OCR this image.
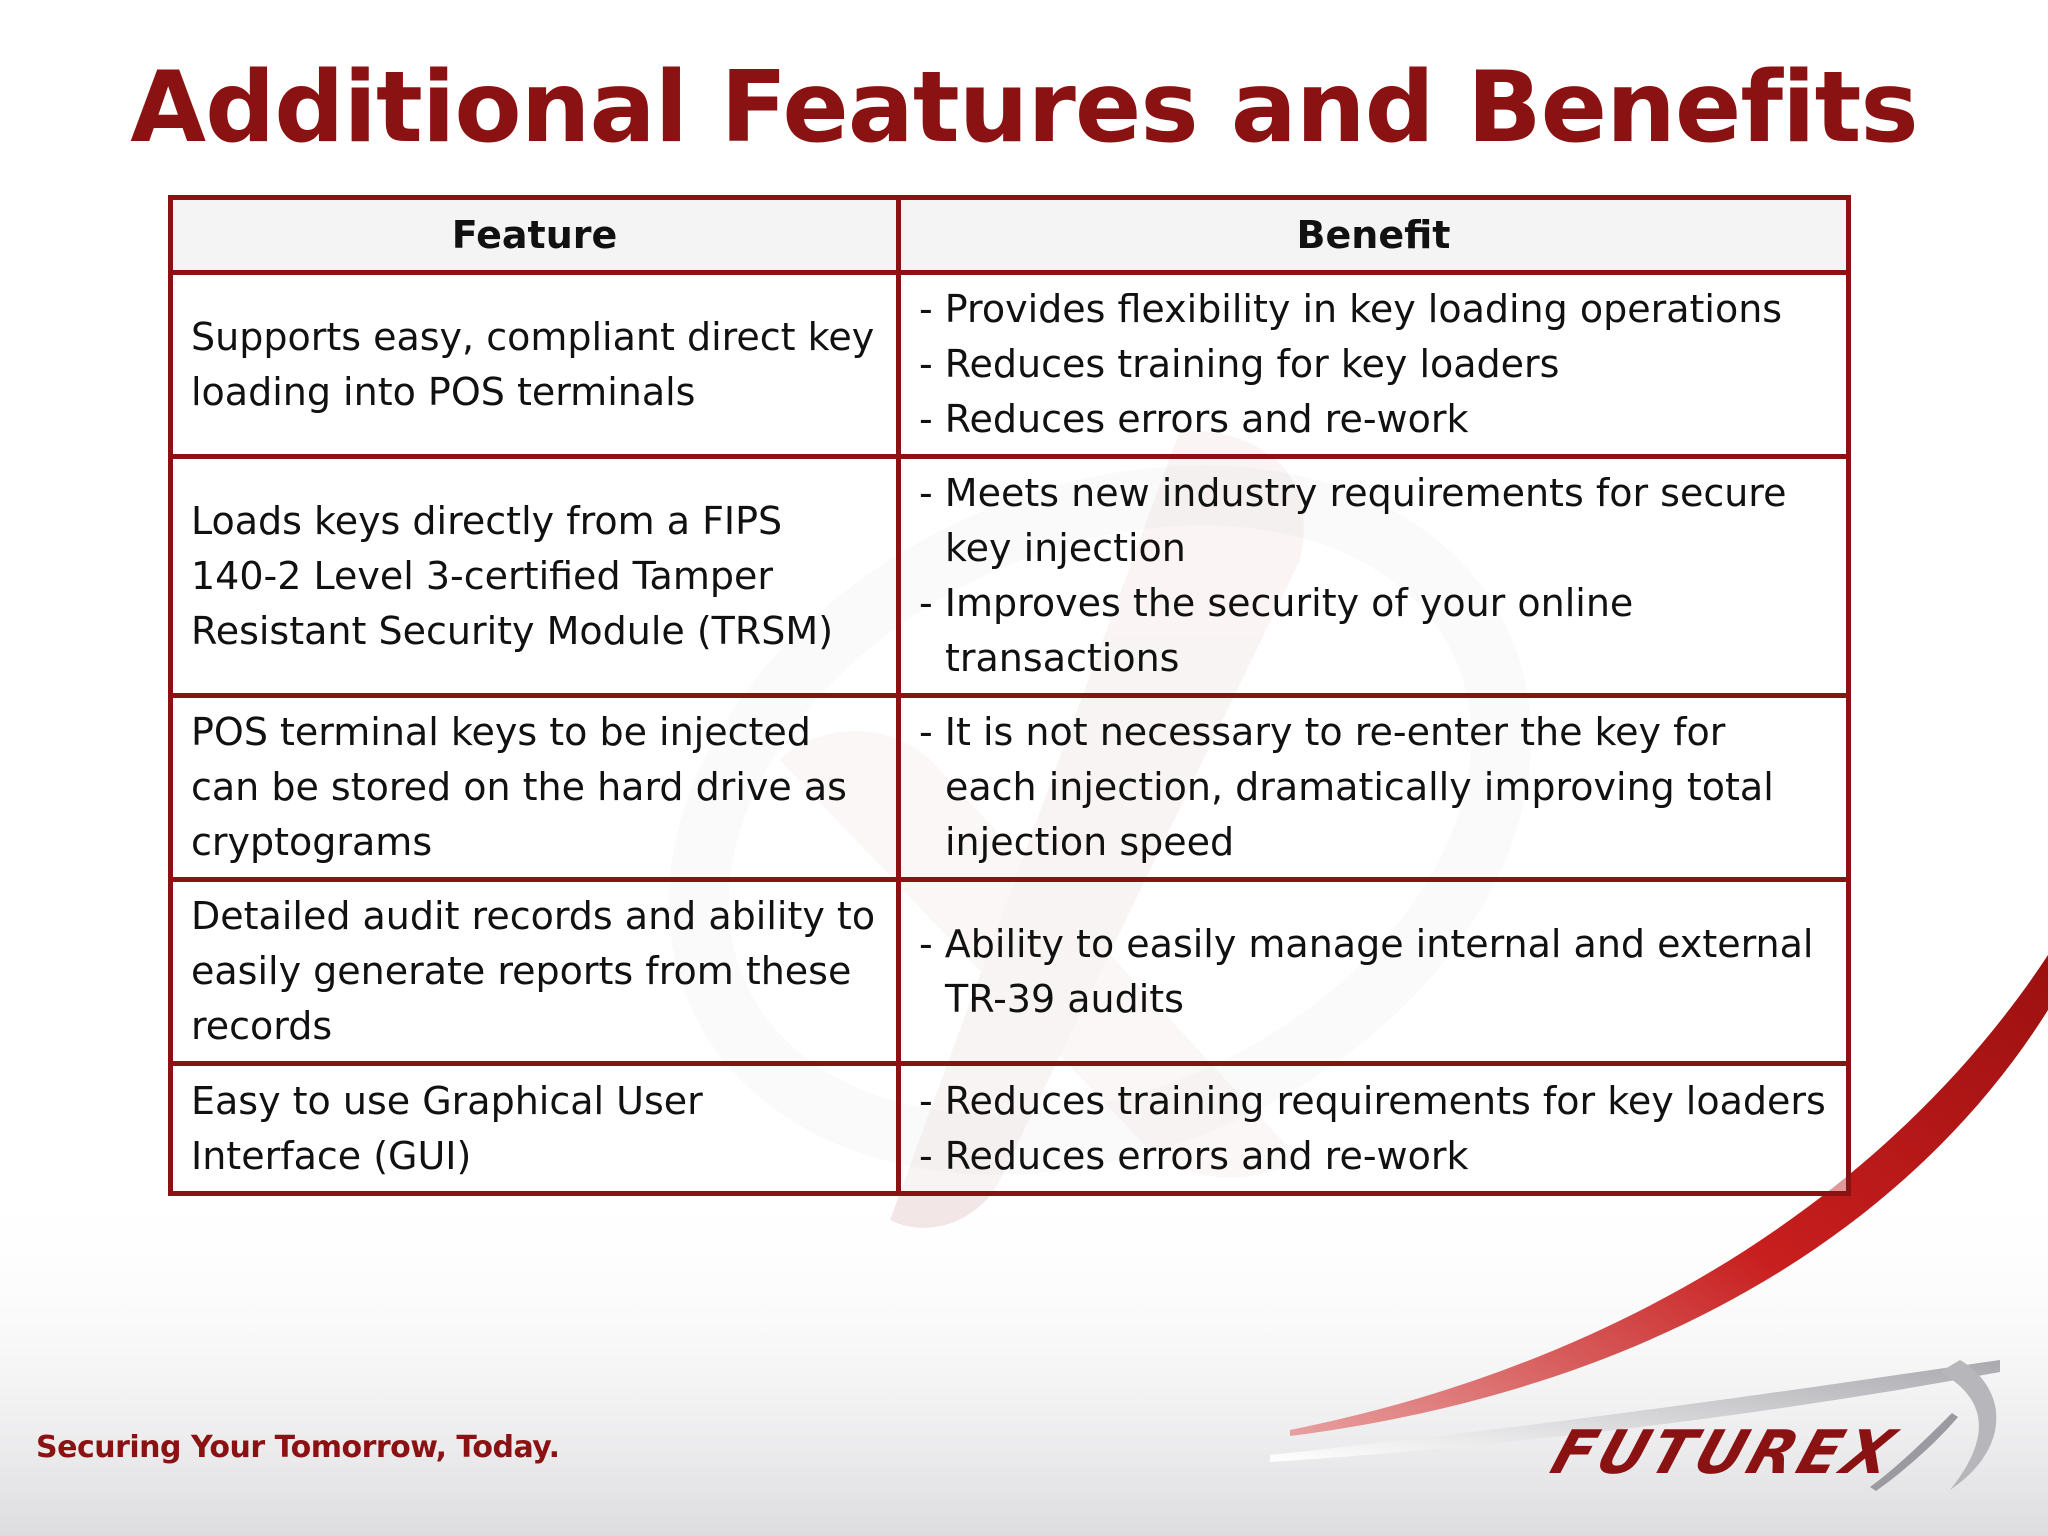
Additional Features and Benefits
Feature	Benefit
Supports easy, compliant direct key loading into POS terminals	- Provides flexibility in key loading operations
- Reduces training for key loaders
- Reduces errors and re-work

Loads keys directly from a FIPS 140-2 Level 3-certified Tamper Resistant Security Module (TRSM)	- Meets new industry requirements for secure key injection
- Improves the security of your online transactions

POS terminal keys to be injected can be stored on the hard drive as cryptograms	- It is not necessary to re-enter the key for each injection, dramatically improving total injection speed

Detailed audit records and ability to easily generate reports from these records	- Ability to easily manage internal and external TR-39 audits

Easy to use Graphical User Interface (GUI)	- Reduces training requirements for key loaders
- Reduces errors and re-work
Securing Your Tomorrow, Today.	FUTUREX
